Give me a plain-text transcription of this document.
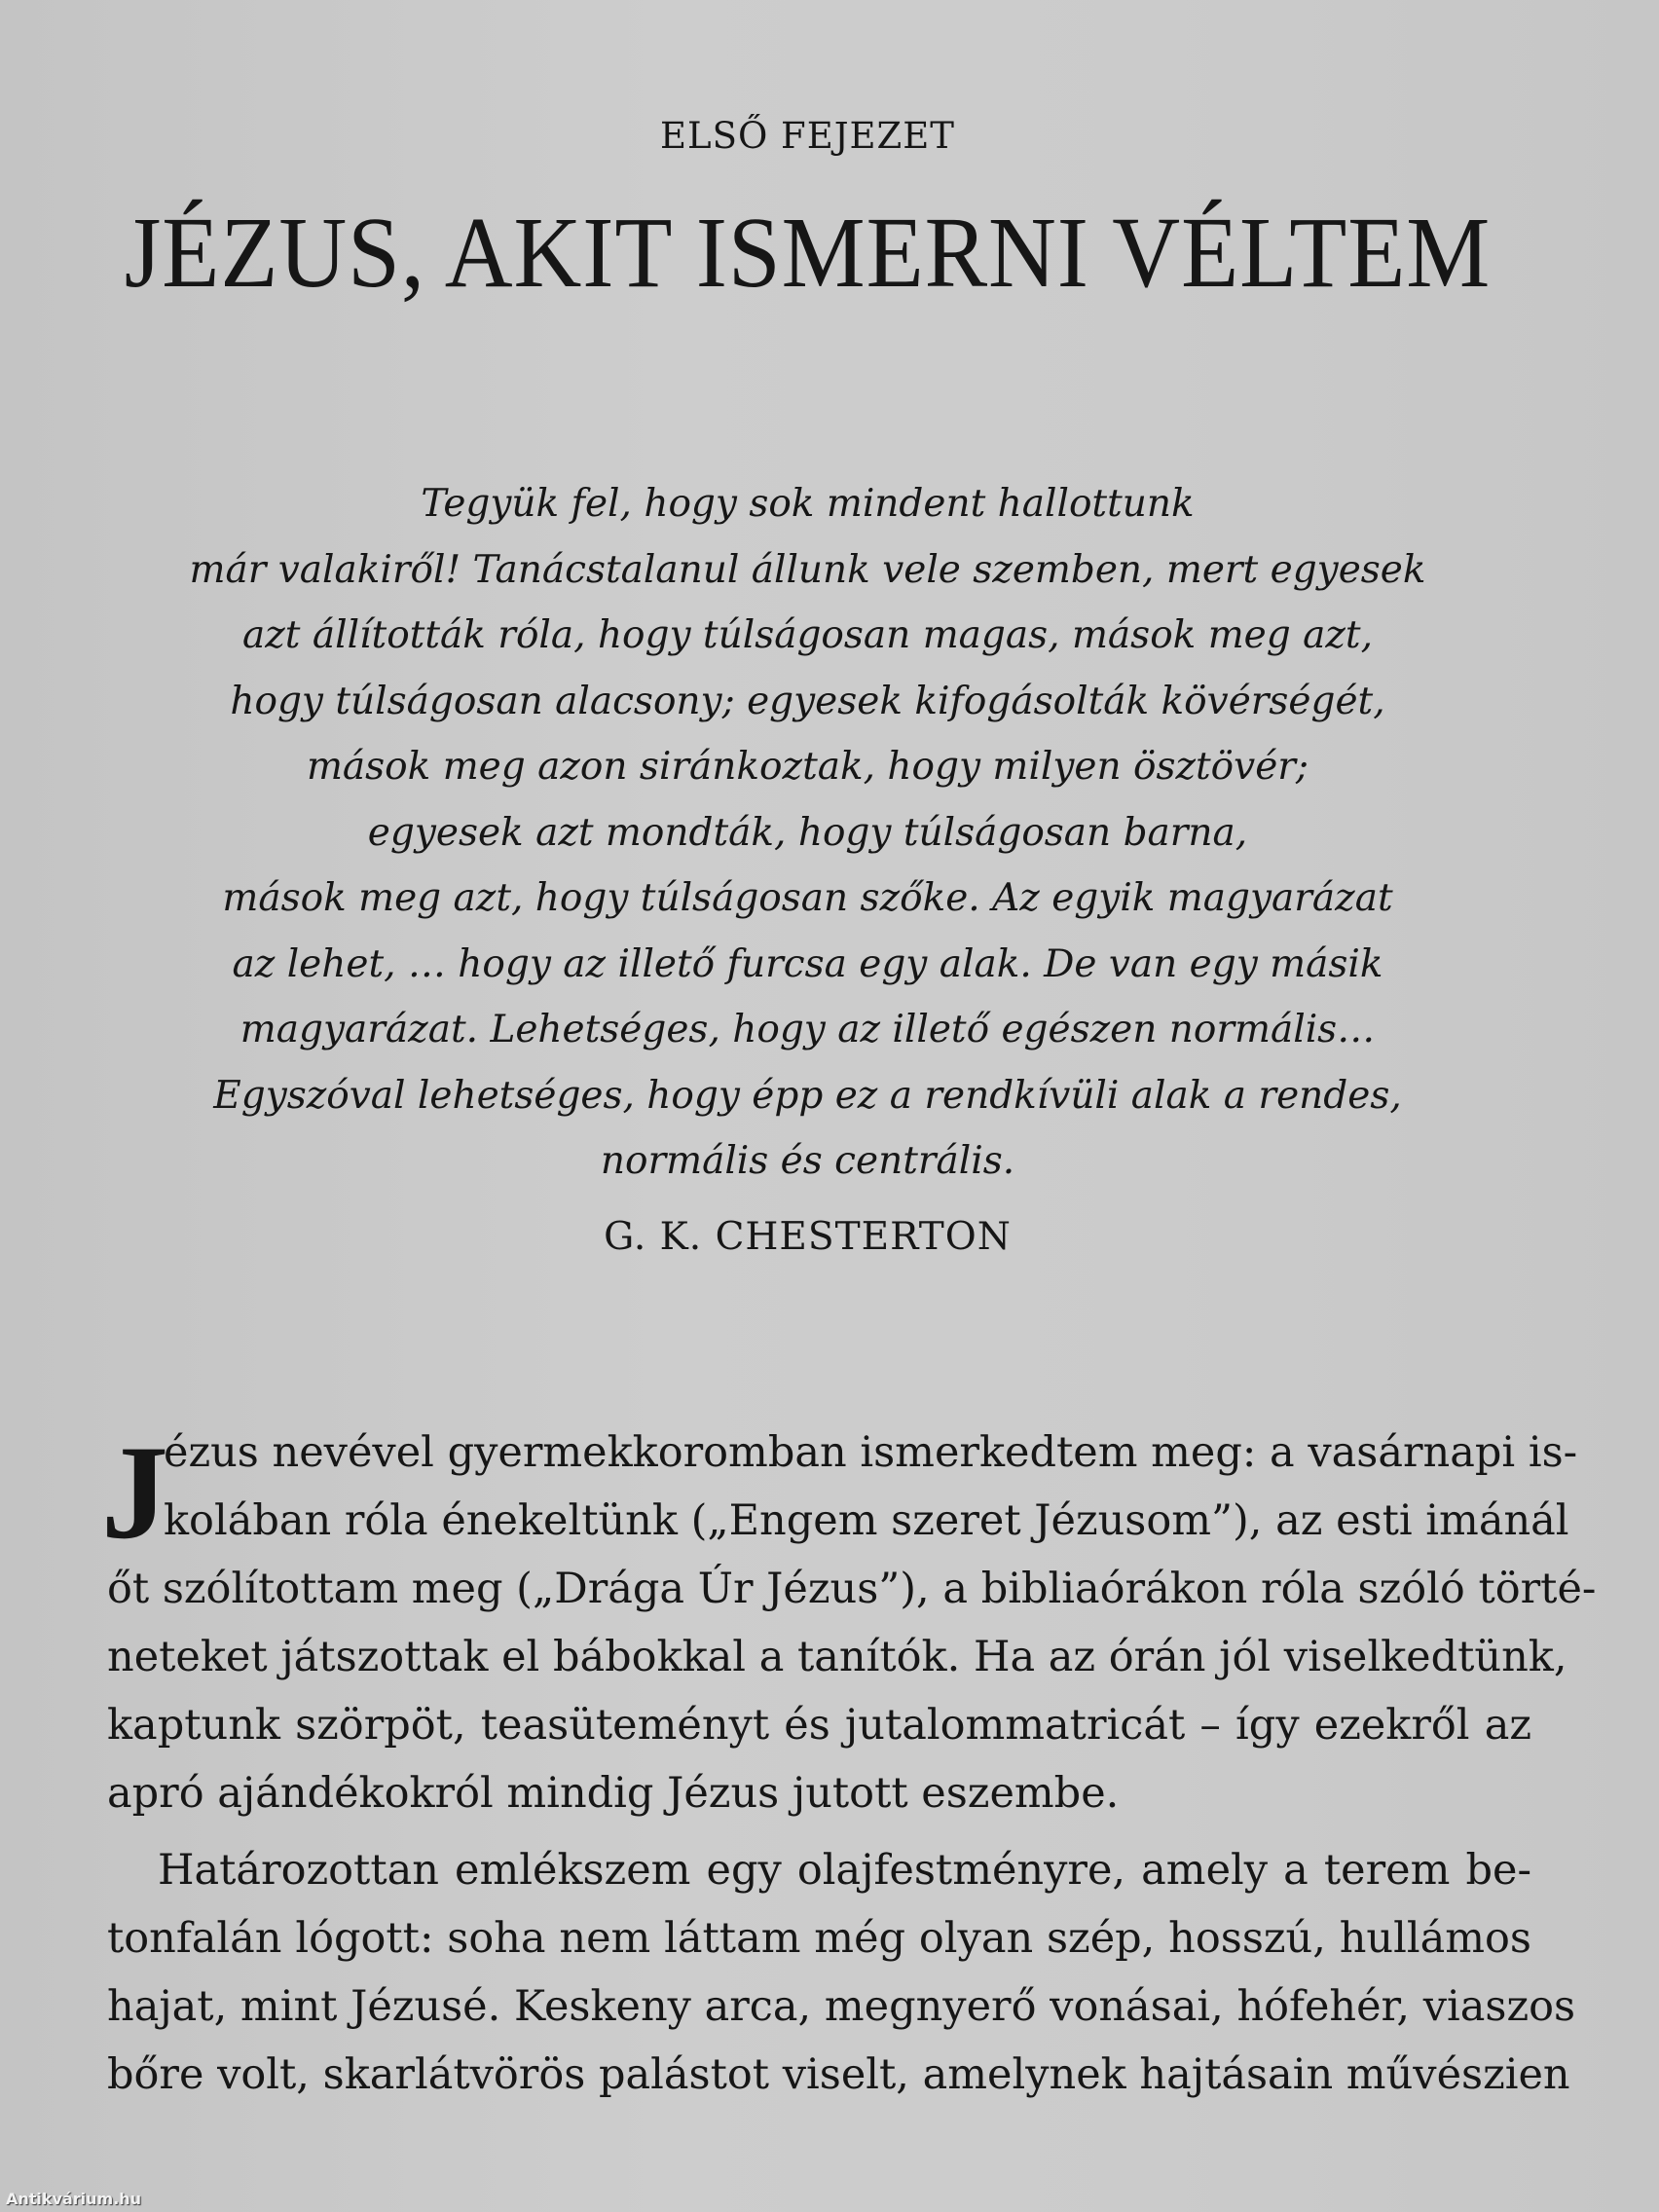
ELSŐ FEJEZET
JÉZUS, AKIT ISMERNI VÉLTEM
Tegyük fel, hogy sok mindent hallottunk
már valakiről! Tanácstalanul állunk vele szemben, mert egyesek
azt állították róla, hogy túlságosan magas, mások meg azt,
hogy túlságosan alacsony; egyesek kifogásolták kövérségét,
mások meg azon siránkoztak, hogy milyen ösztövér;
egyesek azt mondták, hogy túlságosan barna,
mások meg azt, hogy túlságosan szőke. Az egyik magyarázat
az lehet, … hogy az illető furcsa egy alak. De van egy másik
magyarázat. Lehetséges, hogy az illető egészen normális…
Egyszóval lehetséges, hogy épp ez a rendkívüli alak a rendes,
normális és centrális.
G. K. CHESTERTON
J
ézus nevével gyermekkoromban ismerkedtem meg: a vasárnapi is-
kolában róla énekeltünk („Engem szeret Jézusom”), az esti imánál
őt szólítottam meg („Drága Úr Jézus”), a bibliaórákon róla szóló törté-
neteket játszottak el bábokkal a tanítók. Ha az órán jól viselkedtünk,
kaptunk szörpöt, teasüteményt és jutalommatricát – így ezekről az
apró ajándékokról mindig Jézus jutott eszembe.
Határozottan emlékszem egy olajfestményre, amely a terem be-
tonfalán lógott: soha nem láttam még olyan szép, hosszú, hullámos
hajat, mint Jézusé. Keskeny arca, megnyerő vonásai, hófehér, viaszos
bőre volt, skarlátvörös palástot viselt, amelynek hajtásain művészien
Antikvárium.hu
